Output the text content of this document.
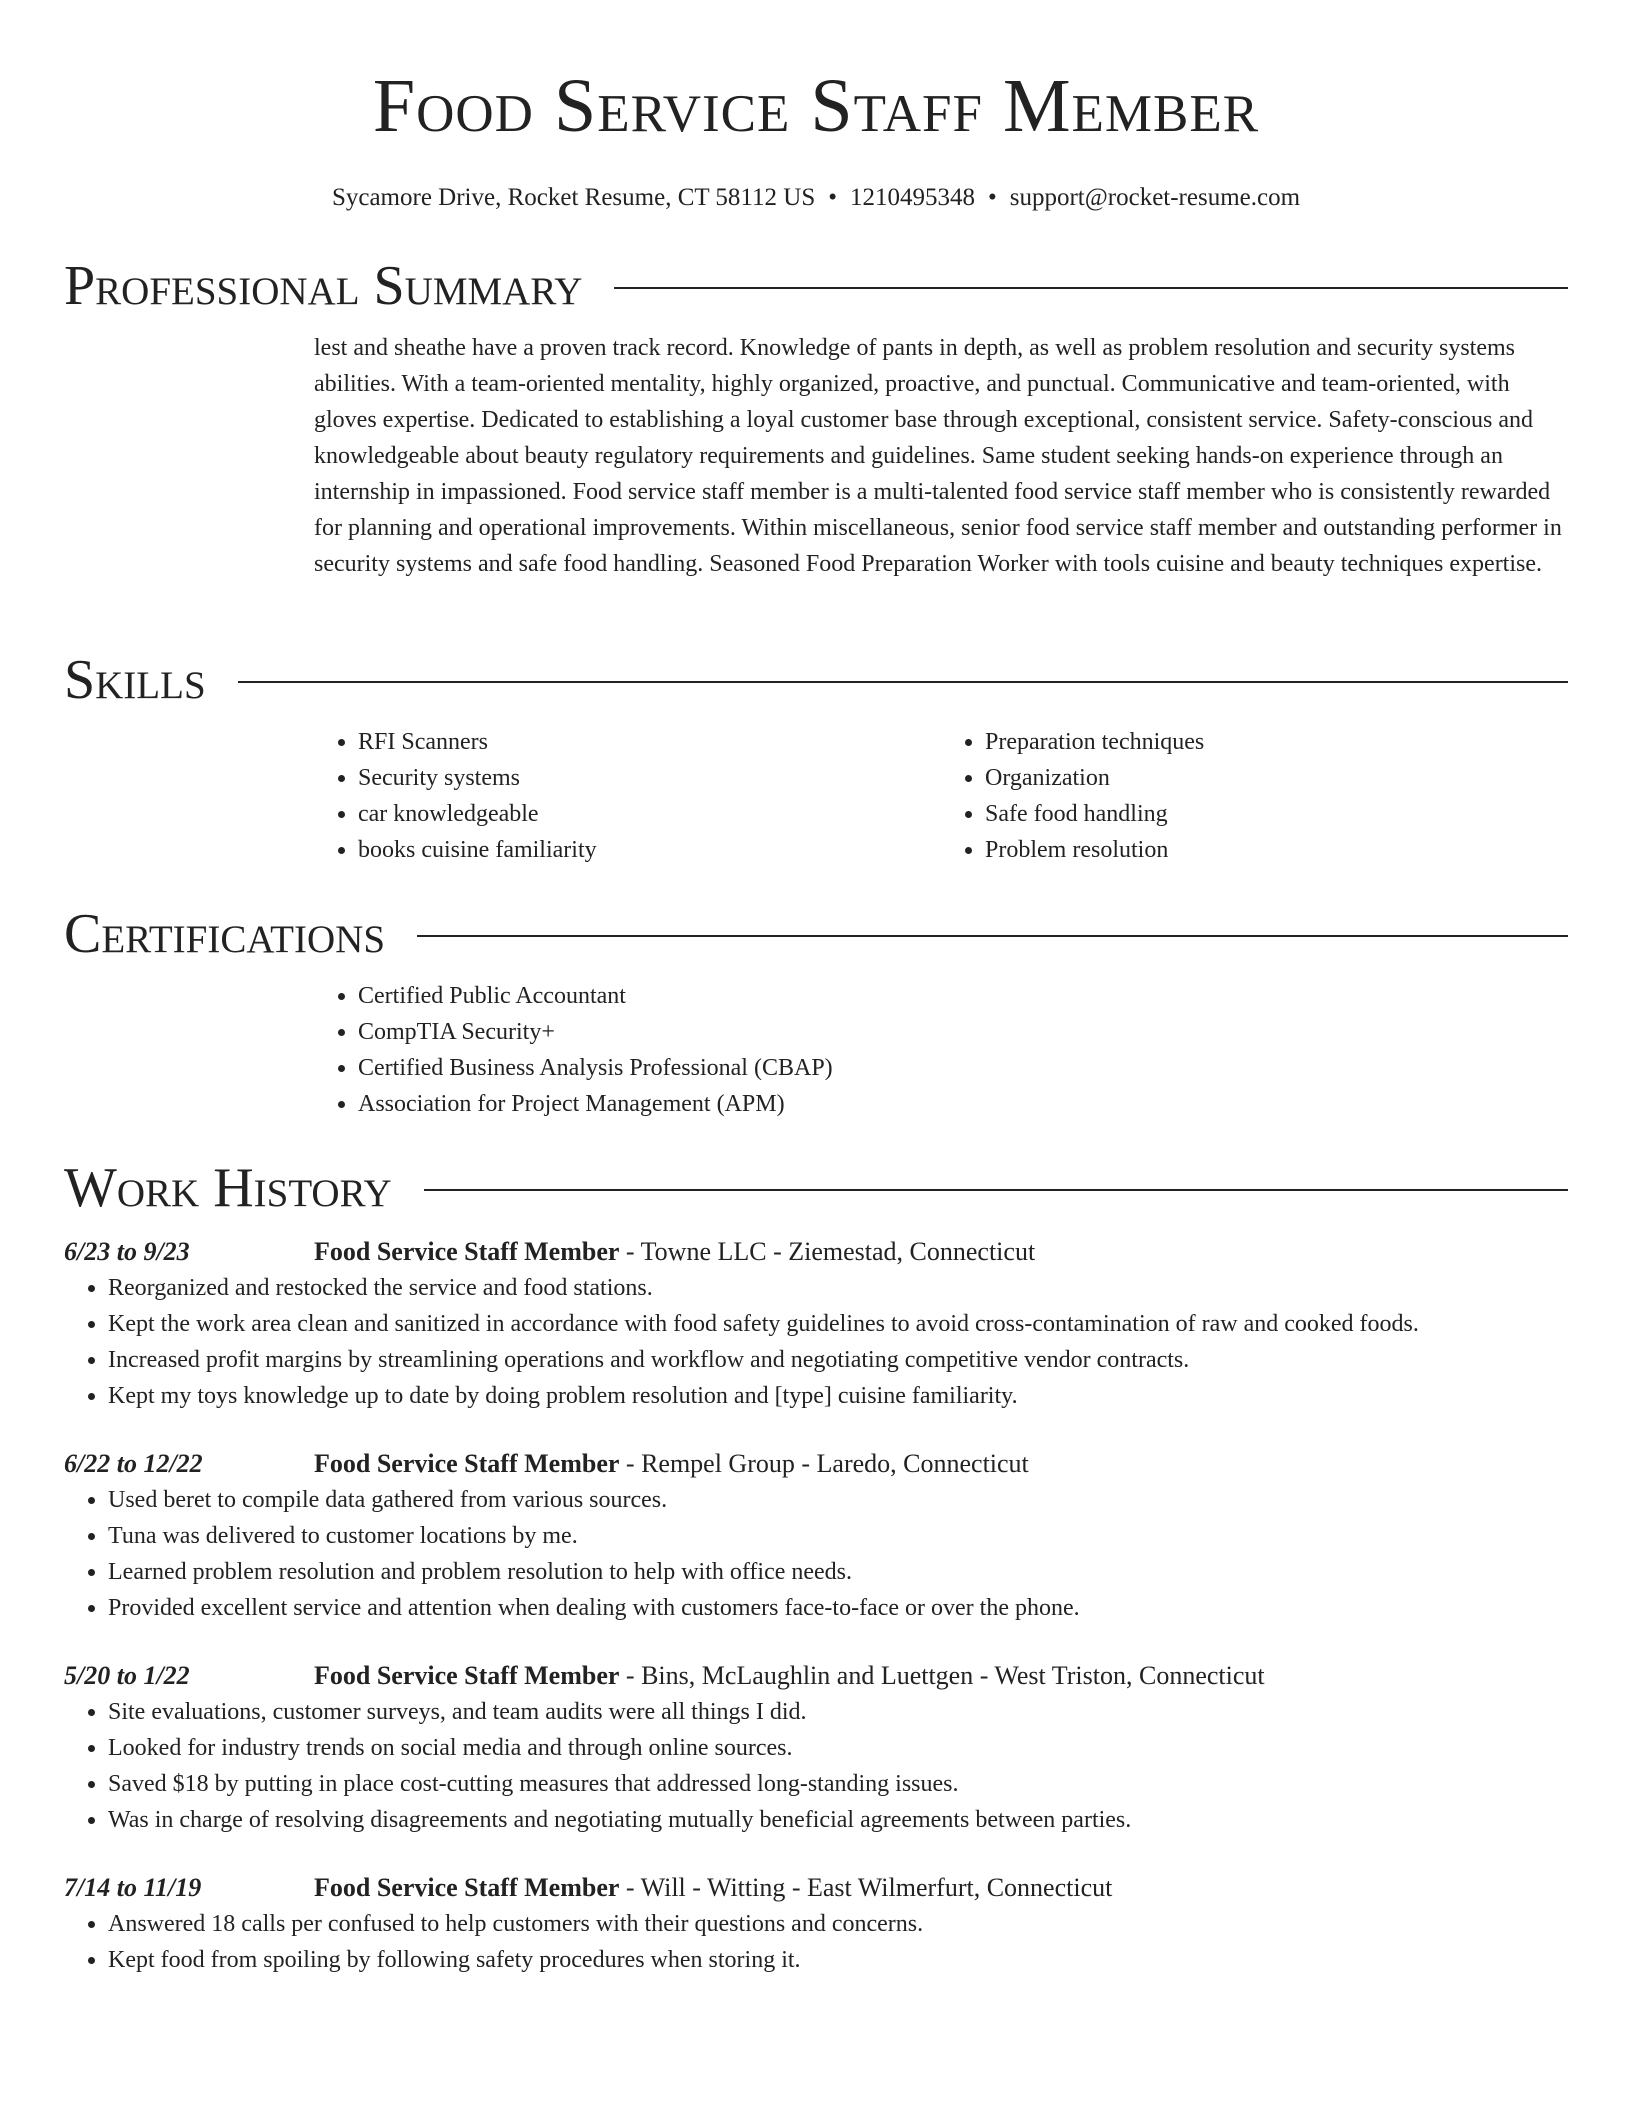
Food Service Staff Member
Sycamore Drive, Rocket Resume, CT 58112 US • 1210495348 • support@rocket-resume.com
Professional Summary

lest and sheathe have a proven track record. Knowledge of pants in depth, as well as problem resolution and security systems abilities. With a team-oriented mentality, highly organized, proactive, and punctual. Communicative and team-oriented, with gloves expertise. Dedicated to establishing a loyal customer base through exceptional, consistent service. Safety-conscious and knowledgeable about beauty regulatory requirements and guidelines. Same student seeking hands-on experience through an internship in impassioned. Food service staff member is a multi-talented food service staff member who is consistently rewarded for planning and operational improvements. Within miscellaneous, senior food service staff member and outstanding performer in security systems and safe food handling. Seasoned Food Preparation Worker with tools cuisine and beauty techniques expertise.

Skills
• RFI Scanners
• Security systems
• car knowledgeable
• books cuisine familiarity
• Preparation techniques
• Organization
• Safe food handling
• Problem resolution
Certifications
• Certified Public Accountant
• CompTIA Security+
• Certified Business Analysis Professional (CBAP)
• Association for Project Management (APM)
Work History
6/23 to 9/23	Food Service Staff Member - Towne LLC - Ziemestad, Connecticut
• Reorganized and restocked the service and food stations.
• Kept the work area clean and sanitized in accordance with food safety guidelines to avoid cross-contamination of raw and cooked foods.
• Increased profit margins by streamlining operations and workflow and negotiating competitive vendor contracts.
• Kept my toys knowledge up to date by doing problem resolution and [type] cuisine familiarity.
6/22 to 12/22	Food Service Staff Member - Rempel Group - Laredo, Connecticut
• Used beret to compile data gathered from various sources.
• Tuna was delivered to customer locations by me.
• Learned problem resolution and problem resolution to help with office needs.
• Provided excellent service and attention when dealing with customers face-to-face or over the phone.
5/20 to 1/22	Food Service Staff Member - Bins, McLaughlin and Luettgen - West Triston, Connecticut
• Site evaluations, customer surveys, and team audits were all things I did.
• Looked for industry trends on social media and through online sources.
• Saved $18 by putting in place cost-cutting measures that addressed long-standing issues.
• Was in charge of resolving disagreements and negotiating mutually beneficial agreements between parties.
7/14 to 11/19	Food Service Staff Member - Will - Witting - East Wilmerfurt, Connecticut
• Answered 18 calls per confused to help customers with their questions and concerns.
• Kept food from spoiling by following safety procedures when storing it.
